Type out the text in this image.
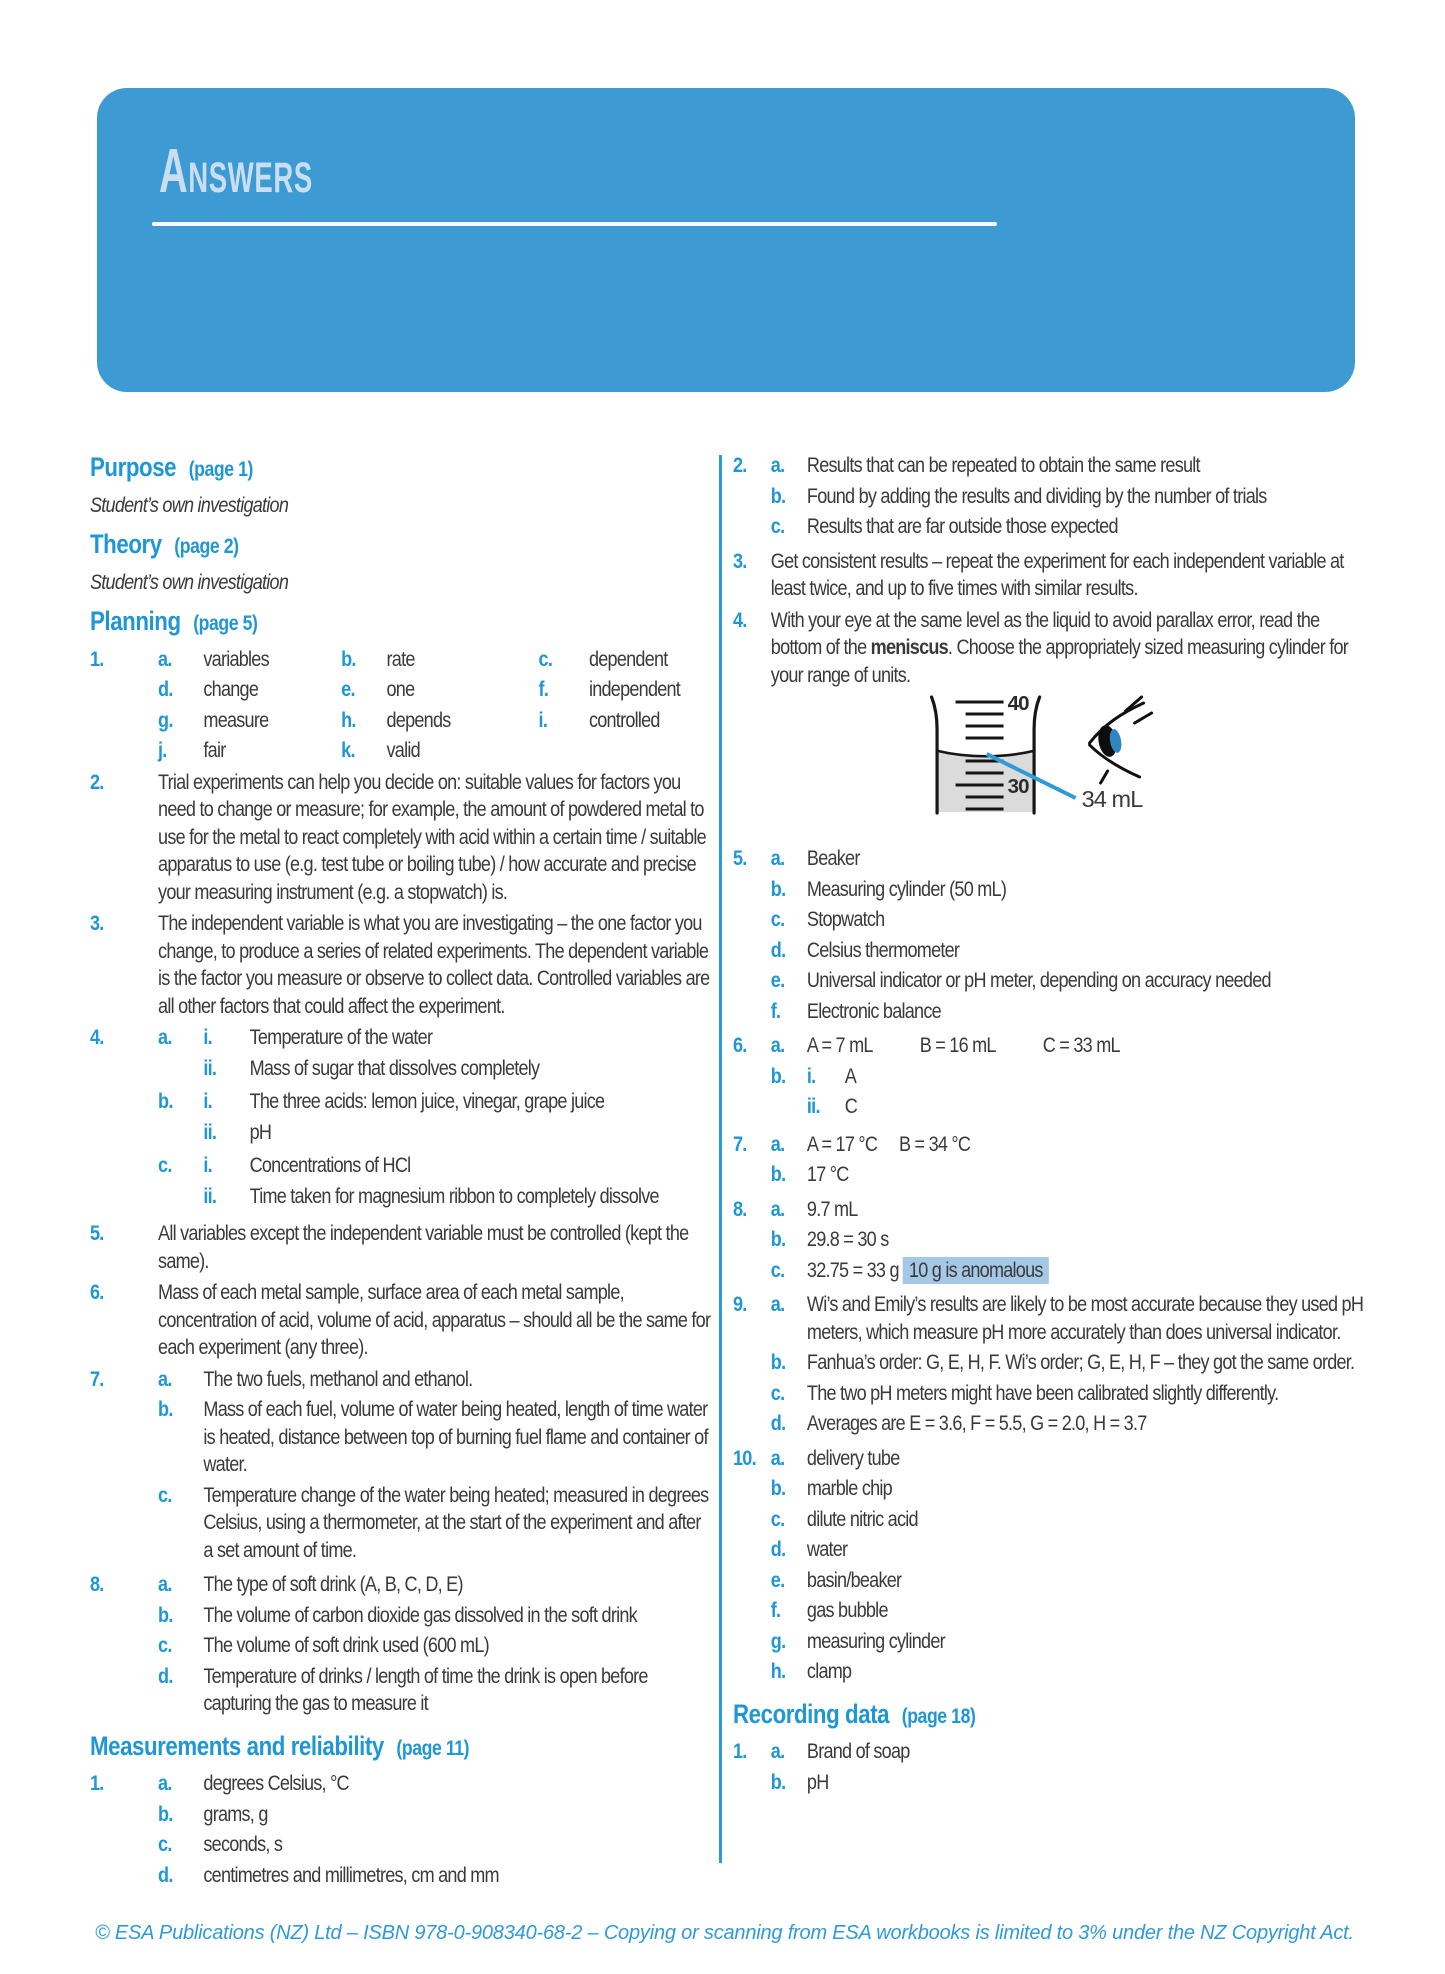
Answers
Purpose (page 1)
Student’s own investigation
Theory (page 2)
Student’s own investigation
Planning (page 5)
1.	a.	variables	b.	rate	c.	dependent
d.	change	e.	one	f.	independent
g.	measure	h.	depends	i.	controlled
j.	fair	k.	valid
2.	Trial experiments can help you decide on: suitable values for factors you need to change or measure; for example, the amount of powdered metal to use for the metal to react completely with acid within a certain time / suitable apparatus to use (e.g. test tube or boiling tube) / how accurate and precise your measuring instrument (e.g. a stopwatch) is.
3.	The independent variable is what you are investigating – the one factor you change, to produce a series of related experiments. The dependent variable is the factor you measure or observe to collect data. Controlled variables are all other factors that could affect the experiment.
4.	a.	i.	Temperature of the water
ii.	Mass of sugar that dissolves completely
b.	i.	The three acids: lemon juice, vinegar, grape juice
ii.	pH
c.	i.	Concentrations of HCl
ii.	Time taken for magnesium ribbon to completely dissolve
5.	All variables except the independent variable must be controlled (kept the same).
6.	Mass of each metal sample, surface area of each metal sample, concentration of acid, volume of acid, apparatus – should all be the same for each experiment (any three).
7.	a.	The two fuels, methanol and ethanol.
b.	Mass of each fuel, volume of water being heated, length of time water is heated, distance between top of burning fuel flame and container of water.
c.	Temperature change of the water being heated; measured in degrees Celsius, using a thermometer, at the start of the experiment and after a set amount of time.
8.	a.	The type of soft drink (A, B, C, D, E)
b.	The volume of carbon dioxide gas dissolved in the soft drink
c.	The volume of soft drink used (600 mL)
d.	Temperature of drinks / length of time the drink is open before capturing the gas to measure it
Measurements and reliability (page 11)
1.	a.	degrees Celsius, °C
b.	grams, g
c.	seconds, s
d.	centimetres and millimetres, cm and mm
2.	a.	Results that can be repeated to obtain the same result
b.	Found by adding the results and dividing by the number of trials
c.	Results that are far outside those expected
3.	Get consistent results – repeat the experiment for each independent variable at least twice, and up to five times with similar results.
4.	With your eye at the same level as the liquid to avoid parallax error, read the bottom of the meniscus. Choose the appropriately sized measuring cylinder for your range of units.
40
30 34 mL
5.	a.	Beaker
b.	Measuring cylinder (50 mL)
c.	Stopwatch
d.	Celsius thermometer
e.	Universal indicator or pH meter, depending on accuracy needed
f.	Electronic balance
6.	a.	A = 7 mL B = 16 mL C = 33 mL
b.	i.	A
ii.	C
7.	a.	A = 17 °C B = 34 °C
b.	17 °C
8.	a.	9.7 mL
b.	29.8 = 30 s
c.	32.75 = 33 g 10 g is anomalous
9.	a.	Wi’s and Emily’s results are likely to be most accurate because they used pH meters, which measure pH more accurately than does universal indicator.
b.	Fanhua’s order: G, E, H, F. Wi’s order; G, E, H, F – they got the same order.
c.	The two pH meters might have been calibrated slightly differently.
d.	Averages are E = 3.6, F = 5.5, G = 2.0, H = 3.7
10. a.	delivery tube
b.	marble chip
c.	dilute nitric acid
d.	water
e.	basin/beaker
f.	gas bubble
g.	measuring cylinder
h.	clamp
Recording data (page 18)
1.	a.	Brand of soap
b.	pH
© ESA Publications (NZ) Ltd – ISBN 978-0-908340-68-2 – Copying or scanning from ESA workbooks is limited to 3% under the NZ Copyright Act.
